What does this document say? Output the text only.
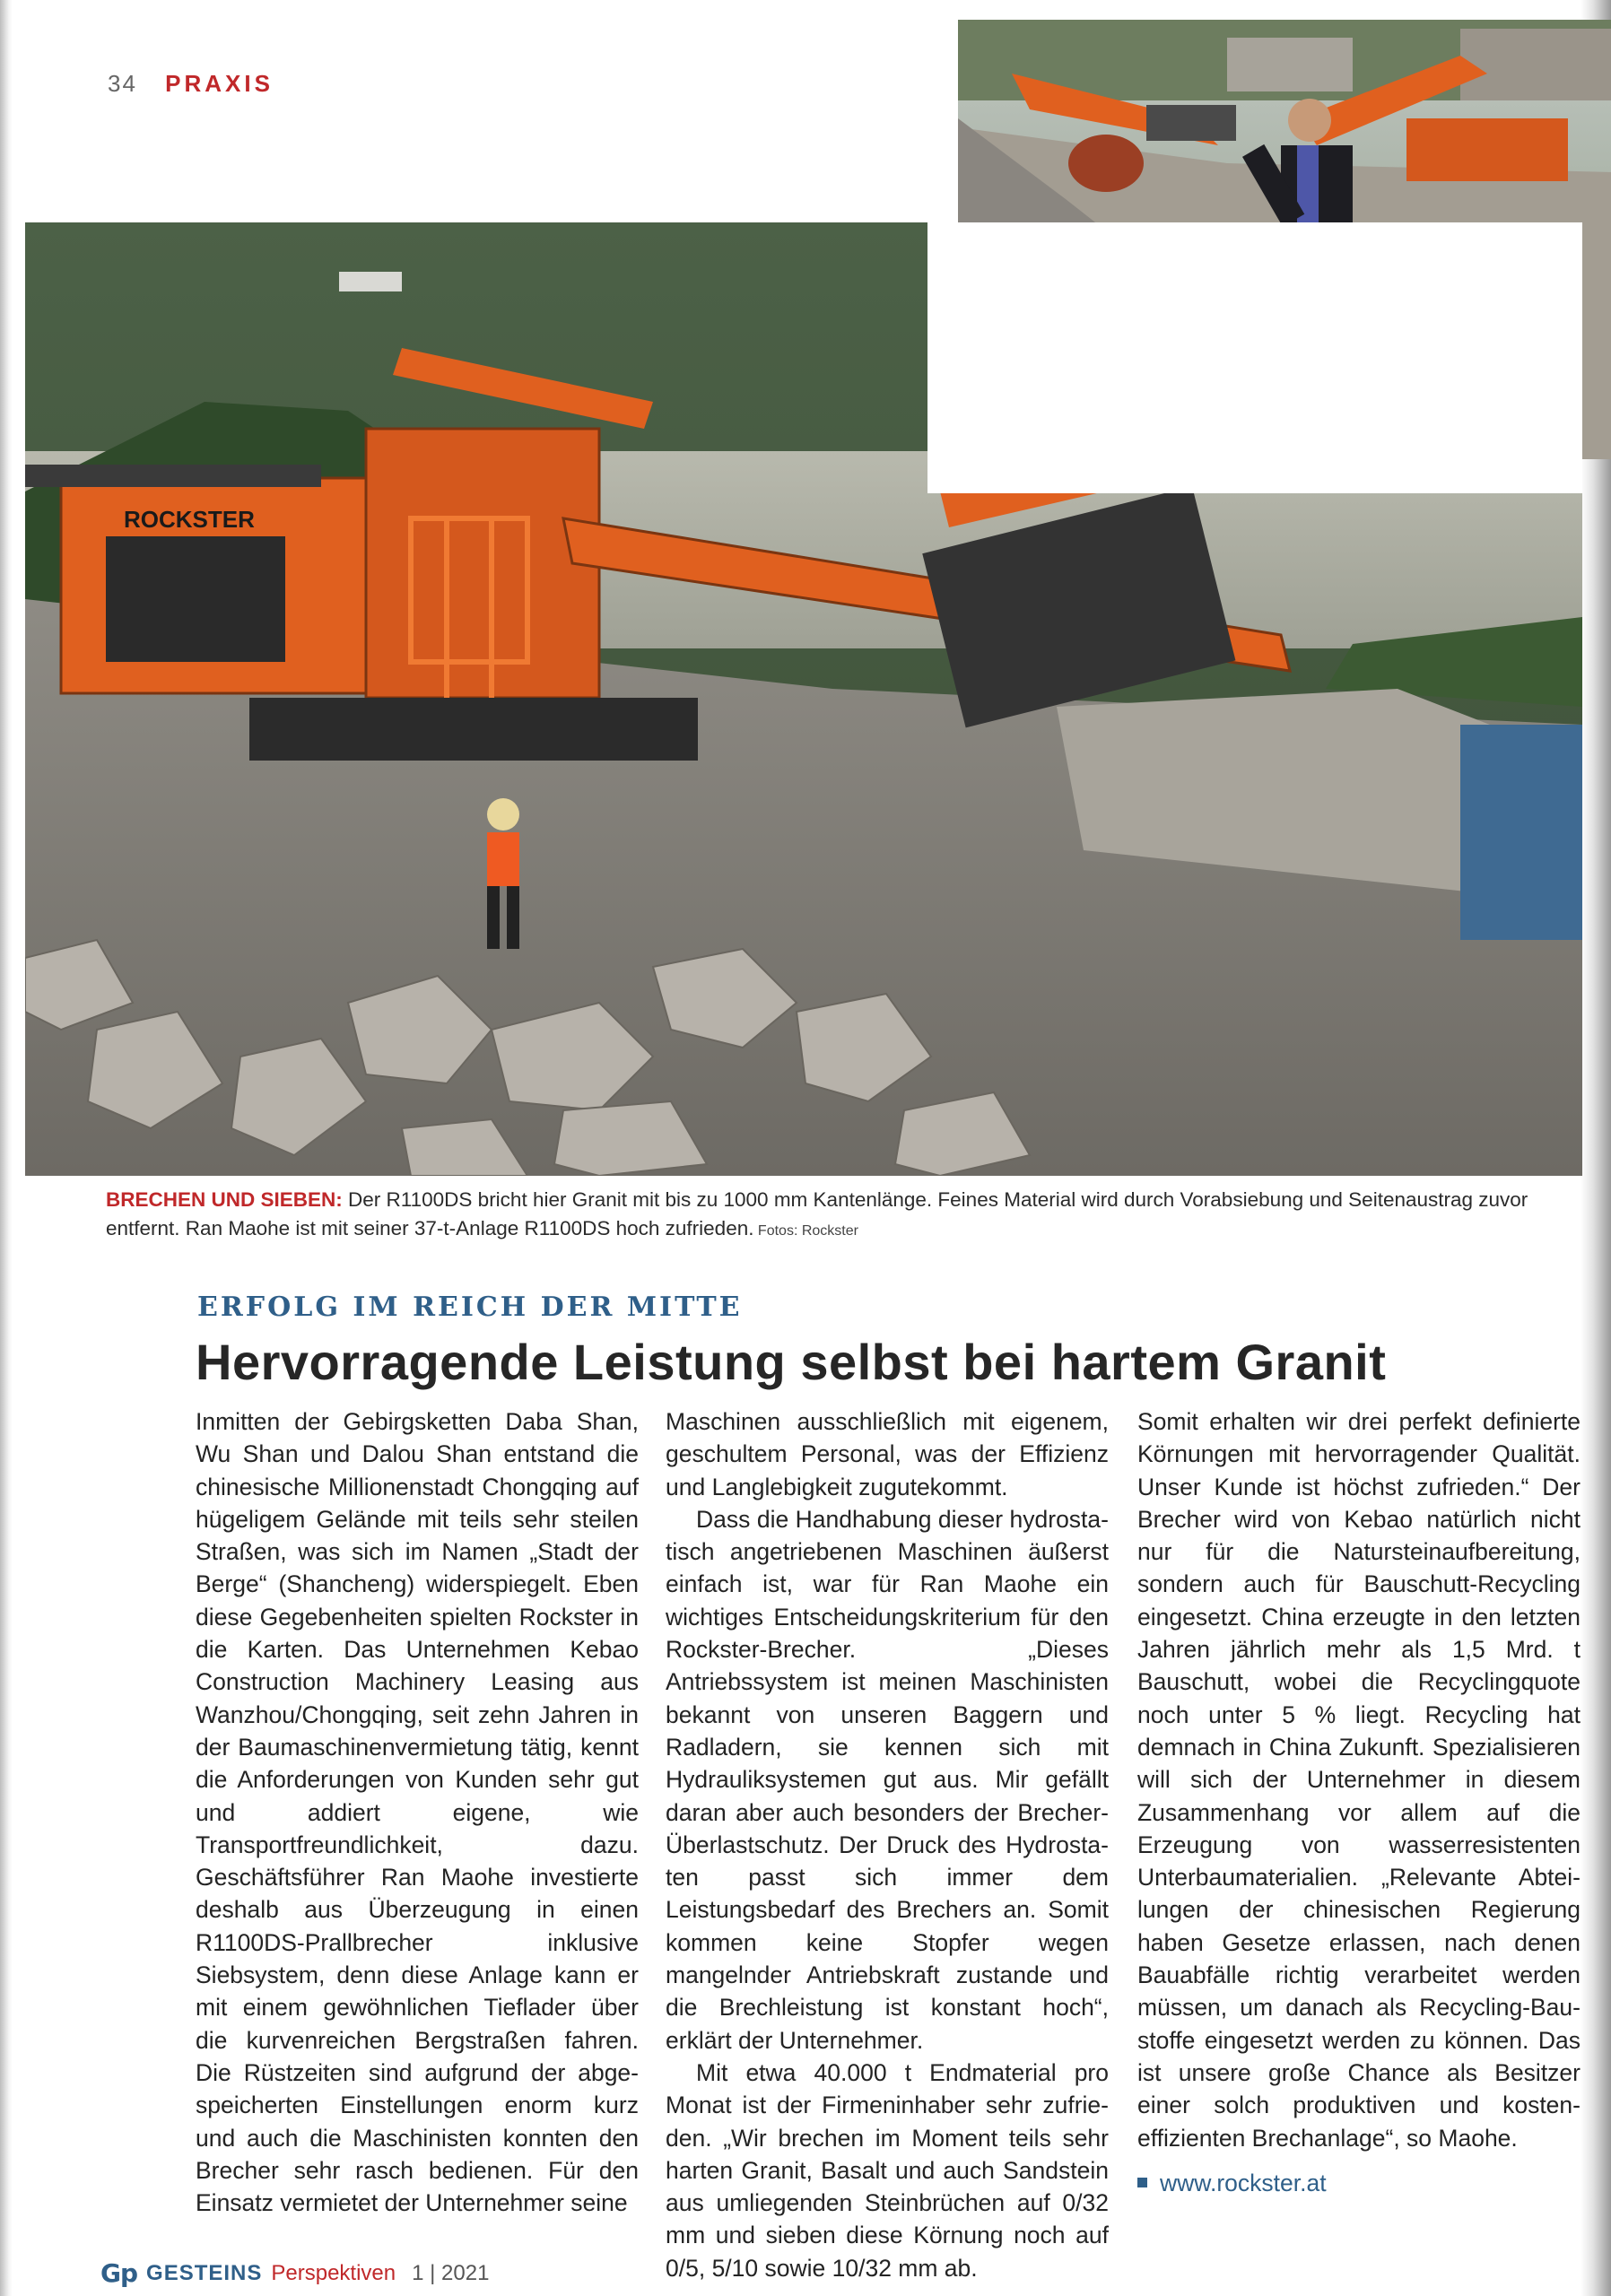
34 PRAXIS
ROCKSTER
BRECHEN UND SIEBEN: Der R1100DS bricht hier Granit mit bis zu 1000 mm Kantenlänge. Feines Material wird durch Vorabsiebung und Seitenaustrag zuvor entfernt. Ran Maohe ist mit seiner 37-t-Anlage R1100DS hoch zufrieden. Fotos: Rockster
ERFOLG IM REICH DER MITTE
Hervorragende Leistung selbst bei hartem Granit

Inmitten der Gebirgsketten Daba Shan, Wu Shan und Dalou Shan entstand die chinesische Millionenstadt Chongqing auf hügeligem Gelände mit teils sehr steilen Straßen, was sich im Namen „Stadt der Berge“ (Shancheng) widerspiegelt. Eben diese Gegebenheiten spielten Rockster in die Karten. Das Unternehmen Kebao Construction Machinery Leasing aus Wanzhou/Chongqing, seit zehn Jahren in der Baumaschinenvermietung tätig, kennt die Anforderungen von Kunden sehr gut und addiert eigene, wie Transportfreundlichkeit, dazu. Geschäftsführer Ran Maohe investierte deshalb aus Überzeugung in einen R1100DS-Prallbrecher inklusive Siebsystem, denn diese Anlage kann er mit einem gewöhnlichen Tieflader über die kurvenreichen Bergstraßen fahren. Die Rüstzeiten sind aufgrund der abgespeicherten Einstellungen enorm kurz und auch die Maschinisten konnten den Brecher sehr rasch bedienen. Für den Einsatz vermietet der Unternehmer seine

Maschinen ausschließlich mit eigenem, geschultem Personal, was der Effizienz und Langlebigkeit zugutekommt.

Dass die Handhabung dieser hydrostatisch angetriebenen Maschinen äußerst einfach ist, war für Ran Maohe ein wichtiges Entscheidungskriterium für den Rockster-Brecher. „Dieses Antriebssystem ist meinen Maschinisten bekannt von unseren Baggern und Radladern, sie kennen sich mit Hydrauliksystemen gut aus. Mir gefällt daran aber auch besonders der Brecher-Überlastschutz. Der Druck des Hydrostaten passt sich immer dem Leistungsbedarf des Brechers an. Somit kommen keine Stopfer wegen mangelnder Antriebskraft zustande und die Brechleistung ist konstant hoch“, erklärt der Unternehmer.

Mit etwa 40.000 t Endmaterial pro Monat ist der Firmeninhaber sehr zufrieden. „Wir brechen im Moment teils sehr harten Granit, Basalt und auch Sandstein aus umliegenden Steinbrüchen auf 0/32 mm und sieben diese Körnung noch auf 0/5, 5/10 sowie 10/32 mm ab.

Somit erhalten wir drei perfekt definierte Körnungen mit hervorragender Qualität. Unser Kunde ist höchst zufrieden.“ Der Brecher wird von Kebao natürlich nicht nur für die Natursteinaufbereitung, sondern auch für Bauschutt-Recycling eingesetzt. China erzeugte in den letzten Jahren jährlich mehr als 1,5 Mrd. t Bauschutt, wobei die Recyclingquote noch unter 5 % liegt. Recycling hat demnach in China Zukunft. Spezialisieren will sich der Unternehmer in diesem Zusammenhang vor allem auf die Erzeugung von wasserresistenten Unterbaumaterialien. „Relevante Abteilungen der chinesischen Regierung haben Gesetze erlassen, nach denen Bauabfälle richtig verarbeitet werden müssen, um danach als Recycling-Baustoffe eingesetzt werden zu können. Das ist unsere große Chance als Besitzer einer solch produktiven und kosteneffizienten Brechanlage“, so Maohe.

www.rockster.at
Gp GESTEINS Perspektiven 1 | 2021
